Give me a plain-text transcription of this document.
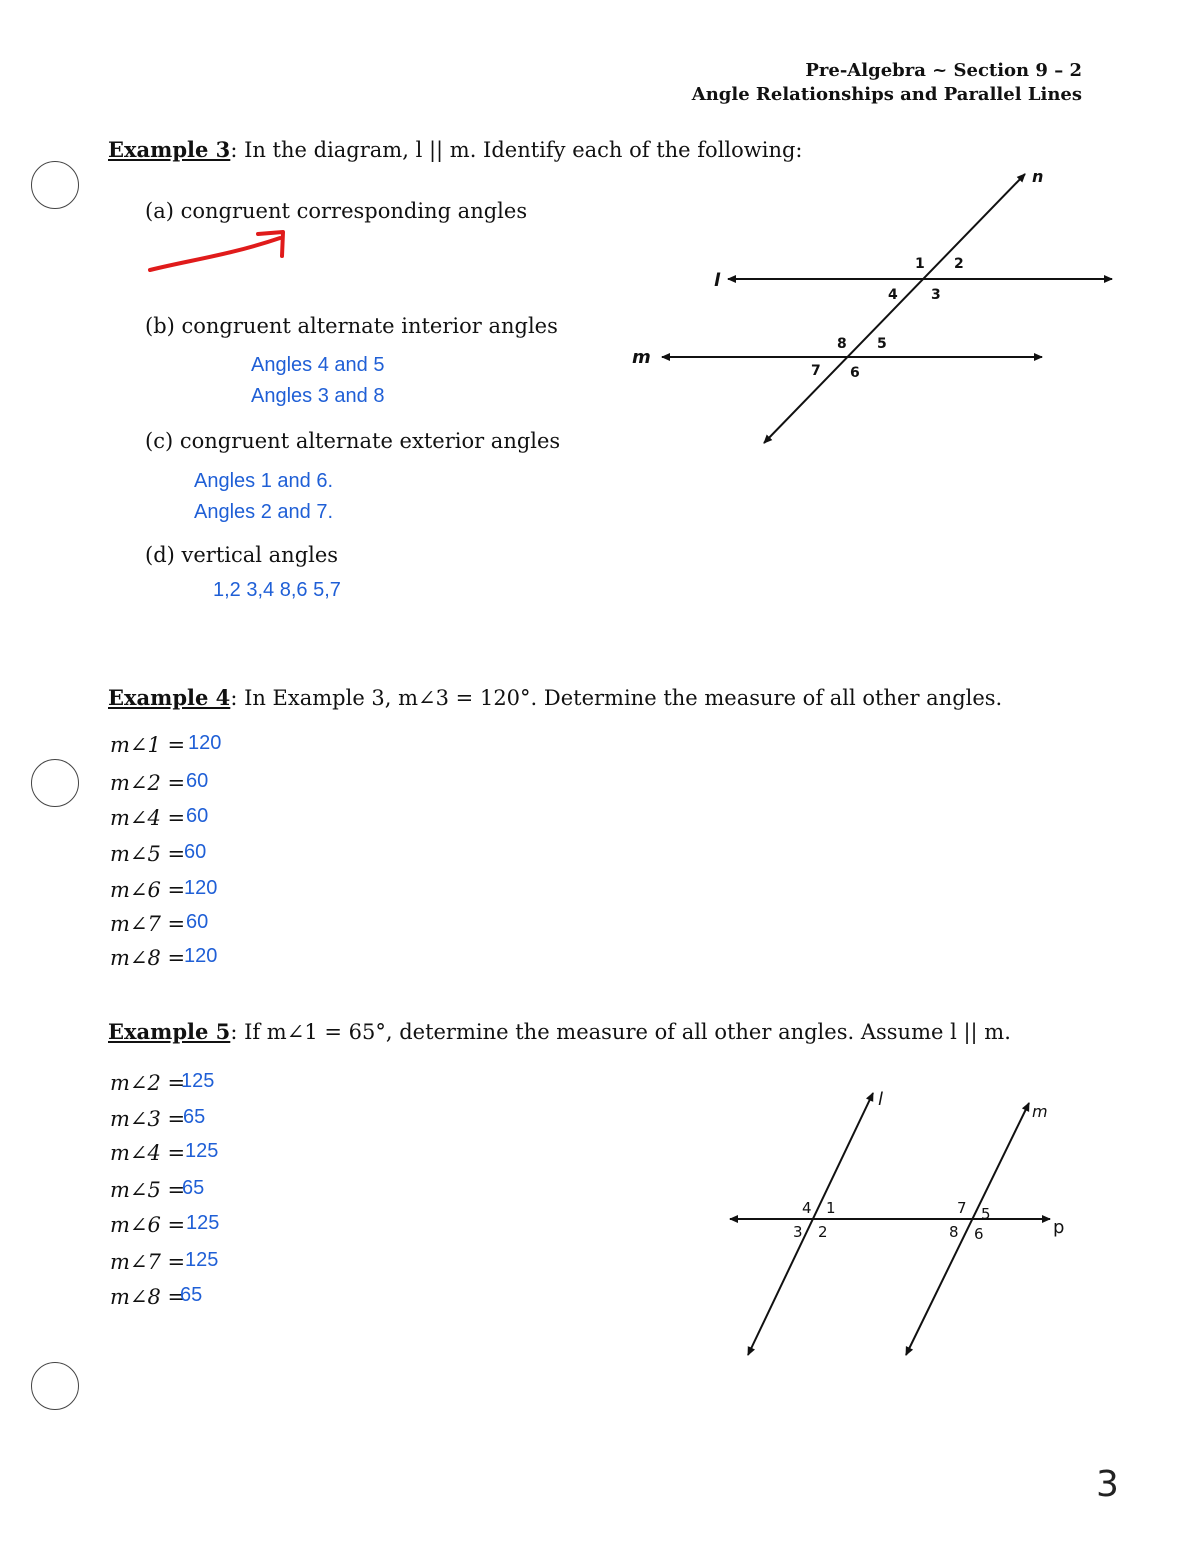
Pre-Algebra ~ Section 9 – 2
Angle Relationships and Parallel Lines
Example 3: In the diagram, l || m. Identify each of the following:
(a) congruent corresponding angles
(b) congruent alternate interior angles
Angles 4 and 5
Angles 3 and 8
(c) congruent alternate exterior angles
Angles 1 and 6.
Angles 2 and 7.
(d) vertical angles
1,2 3,4 8,6 5,7
l
m
n
1 2
3
4
5
6
7
8
Example 4: In Example 3, m∠3 = 120°. Determine the measure of all other angles.
m∠1 = 120
m∠2 = 60
m∠4 = 60
m∠5 =
60
m∠6 =
120
m∠7 = 60
m∠8 =
120
Example 5: If m∠1 = 65°, determine the measure of all other angles. Assume l || m.
m∠2 =
125
m∠3 =
65
m∠4 = 125
m∠5 =
65
m∠6 = 125
m∠7 = 125
m∠8 =
65
l
m
p
4 1
3 2
7 5
8 6
3
